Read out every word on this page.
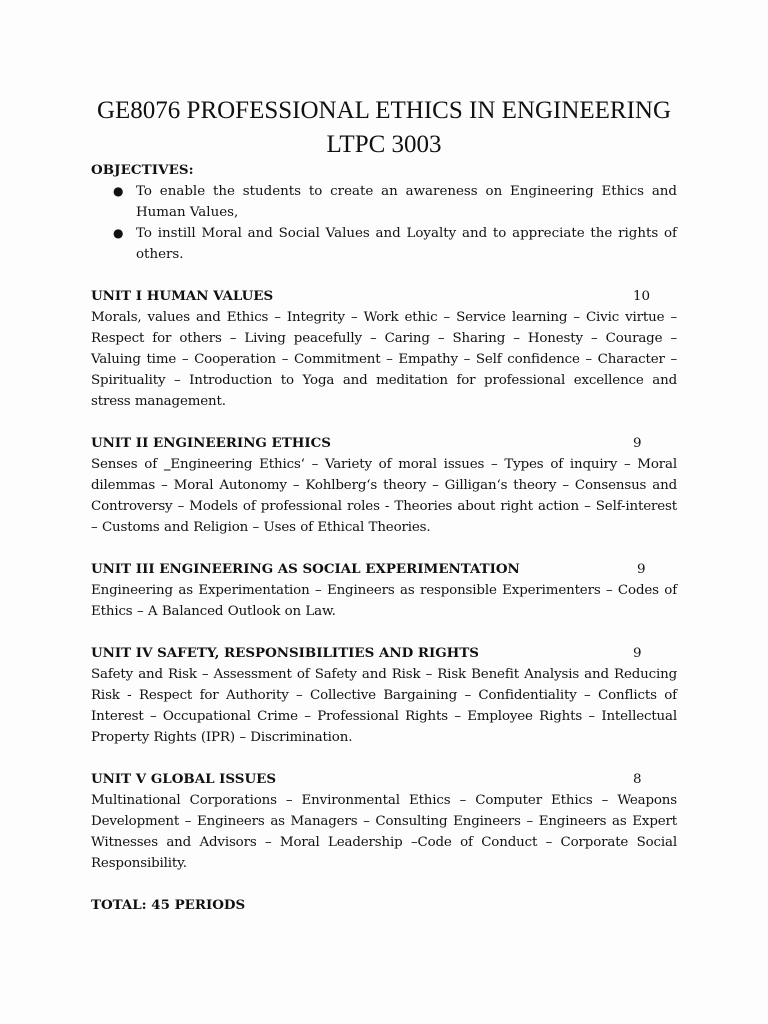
GE8076 PROFESSIONAL ETHICS IN ENGINEERING
LTPC 3003
OBJECTIVES:
● To enable the students to create an awareness on Engineering Ethics and Human Values,
● To instill Moral and Social Values and Loyalty and to appreciate the rights of others.
UNIT I HUMAN VALUES	10
Morals, values and Ethics – Integrity – Work ethic – Service learning – Civic virtue – Respect for others – Living peacefully – Caring – Sharing – Honesty – Courage – Valuing time – Cooperation – Commitment – Empathy – Self confidence – Character – Spirituality – Introduction to Yoga and meditation for professional excellence and stress management.
UNIT II ENGINEERING ETHICS	9
Senses of ‗Engineering Ethics‘ – Variety of moral issues – Types of inquiry – Moral dilemmas – Moral Autonomy – Kohlberg‘s theory – Gilligan‘s theory – Consensus and Controversy – Models of professional roles - Theories about right action – Self-interest – Customs and Religion – Uses of Ethical Theories.
UNIT III ENGINEERING AS SOCIAL EXPERIMENTATION	9
Engineering as Experimentation – Engineers as responsible Experimenters – Codes of Ethics – A Balanced Outlook on Law.
UNIT IV SAFETY, RESPONSIBILITIES AND RIGHTS	9
Safety and Risk – Assessment of Safety and Risk – Risk Benefit Analysis and Reducing Risk - Respect for Authority – Collective Bargaining – Confidentiality – Conflicts of Interest – Occupational Crime – Professional Rights – Employee Rights – Intellectual Property Rights (IPR) – Discrimination.
UNIT V GLOBAL ISSUES	8
Multinational Corporations – Environmental Ethics – Computer Ethics – Weapons Development – Engineers as Managers – Consulting Engineers – Engineers as Expert Witnesses and Advisors – Moral Leadership –Code of Conduct – Corporate Social Responsibility.
TOTAL: 45 PERIODS
